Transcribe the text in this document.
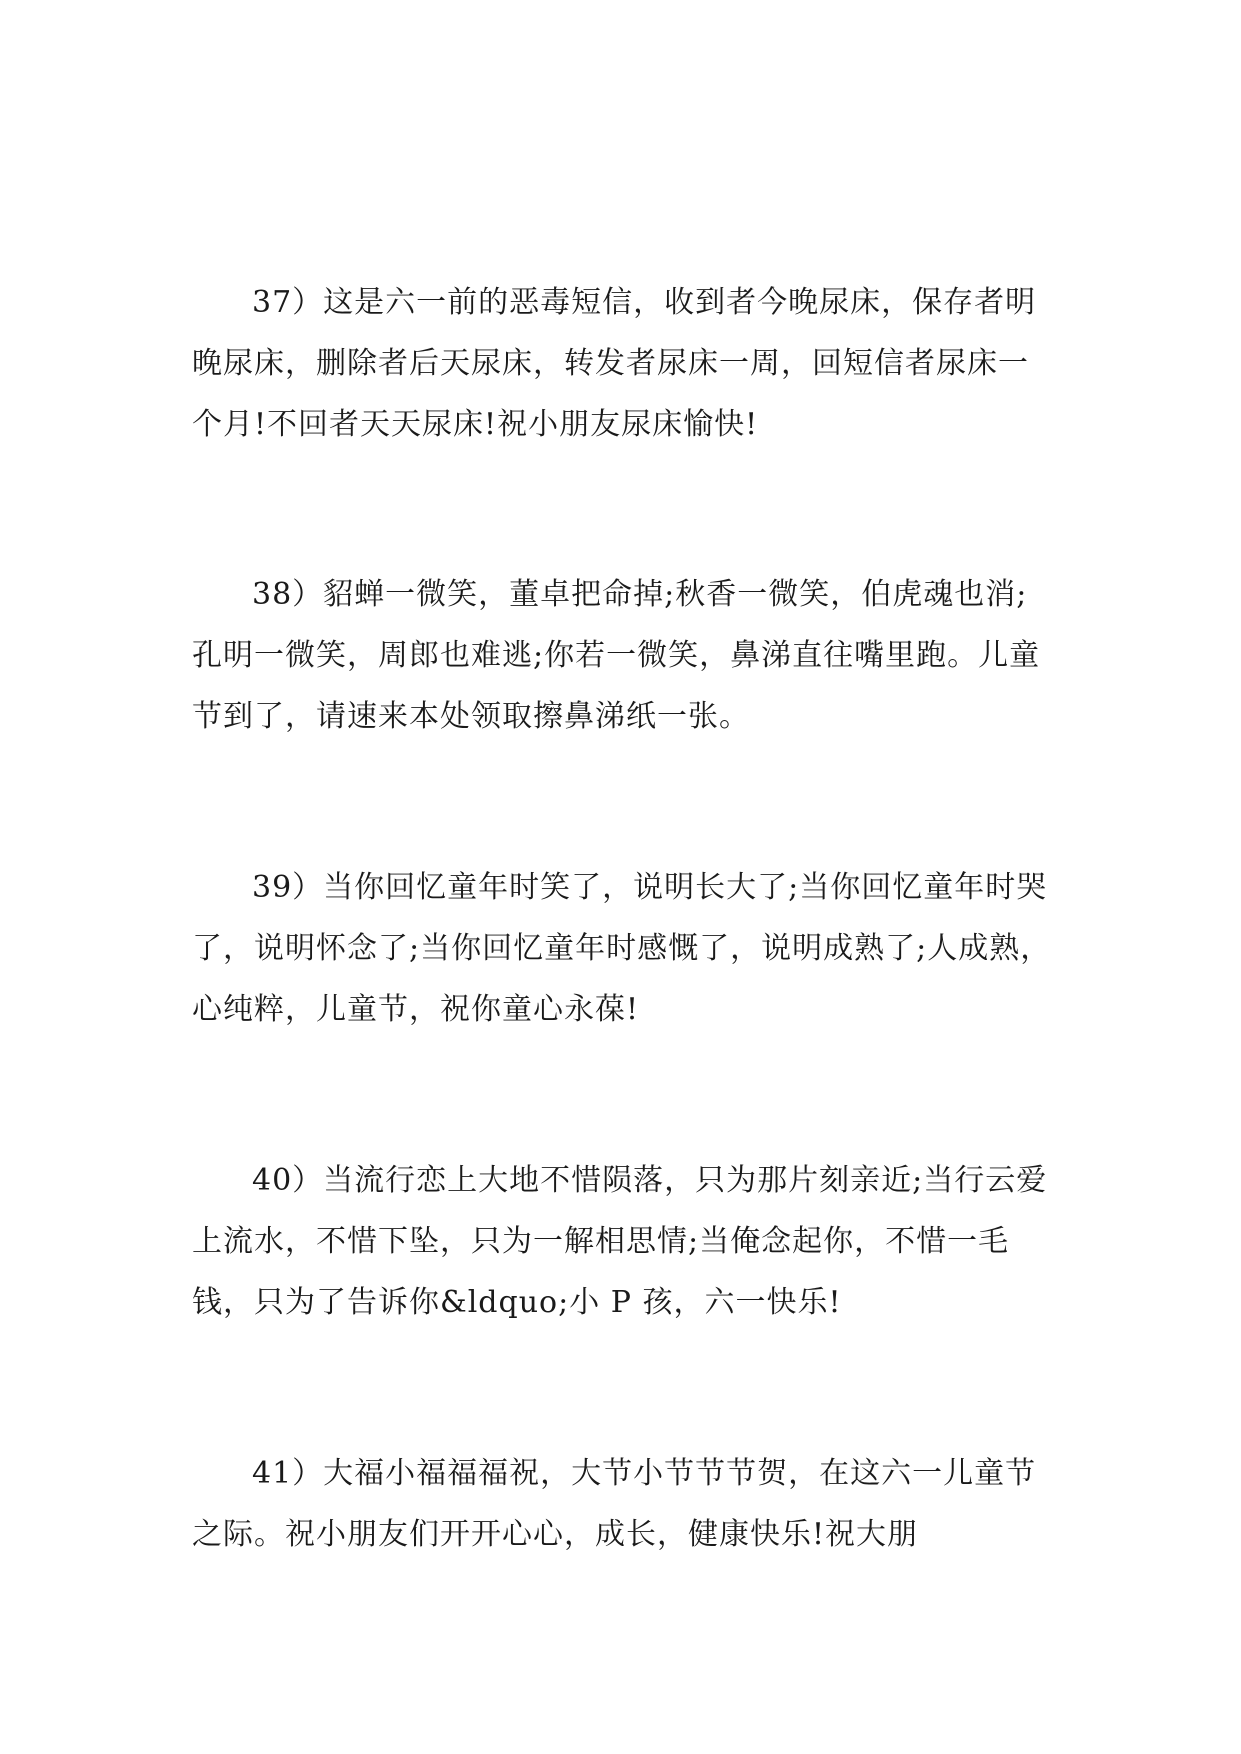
37）这是六一前的恶毒短信，收到者今晚尿床，保存者明晚尿床，删除者后天尿床，转发者尿床一周，回短信者尿床一个月!不回者天天尿床!祝小朋友尿床愉快!

38）貂蝉一微笑，董卓把命掉;秋香一微笑，伯虎魂也消;孔明一微笑，周郎也难逃;你若一微笑，鼻涕直往嘴里跑。儿童节到了，请速来本处领取擦鼻涕纸一张。

39）当你回忆童年时笑了，说明长大了;当你回忆童年时哭了，说明怀念了;当你回忆童年时感慨了，说明成熟了;人成熟，心纯粹，儿童节，祝你童心永葆!

40）当流行恋上大地不惜陨落，只为那片刻亲近;当行云爱上流水，不惜下坠，只为一解相思情;当俺念起你，不惜一毛钱，只为了告诉你&ldquo;小 P 孩，六一快乐!

41）大福小福福福祝，大节小节节节贺，在这六一儿童节之际。祝小朋友们开开心心，成长，健康快乐!祝大朋
